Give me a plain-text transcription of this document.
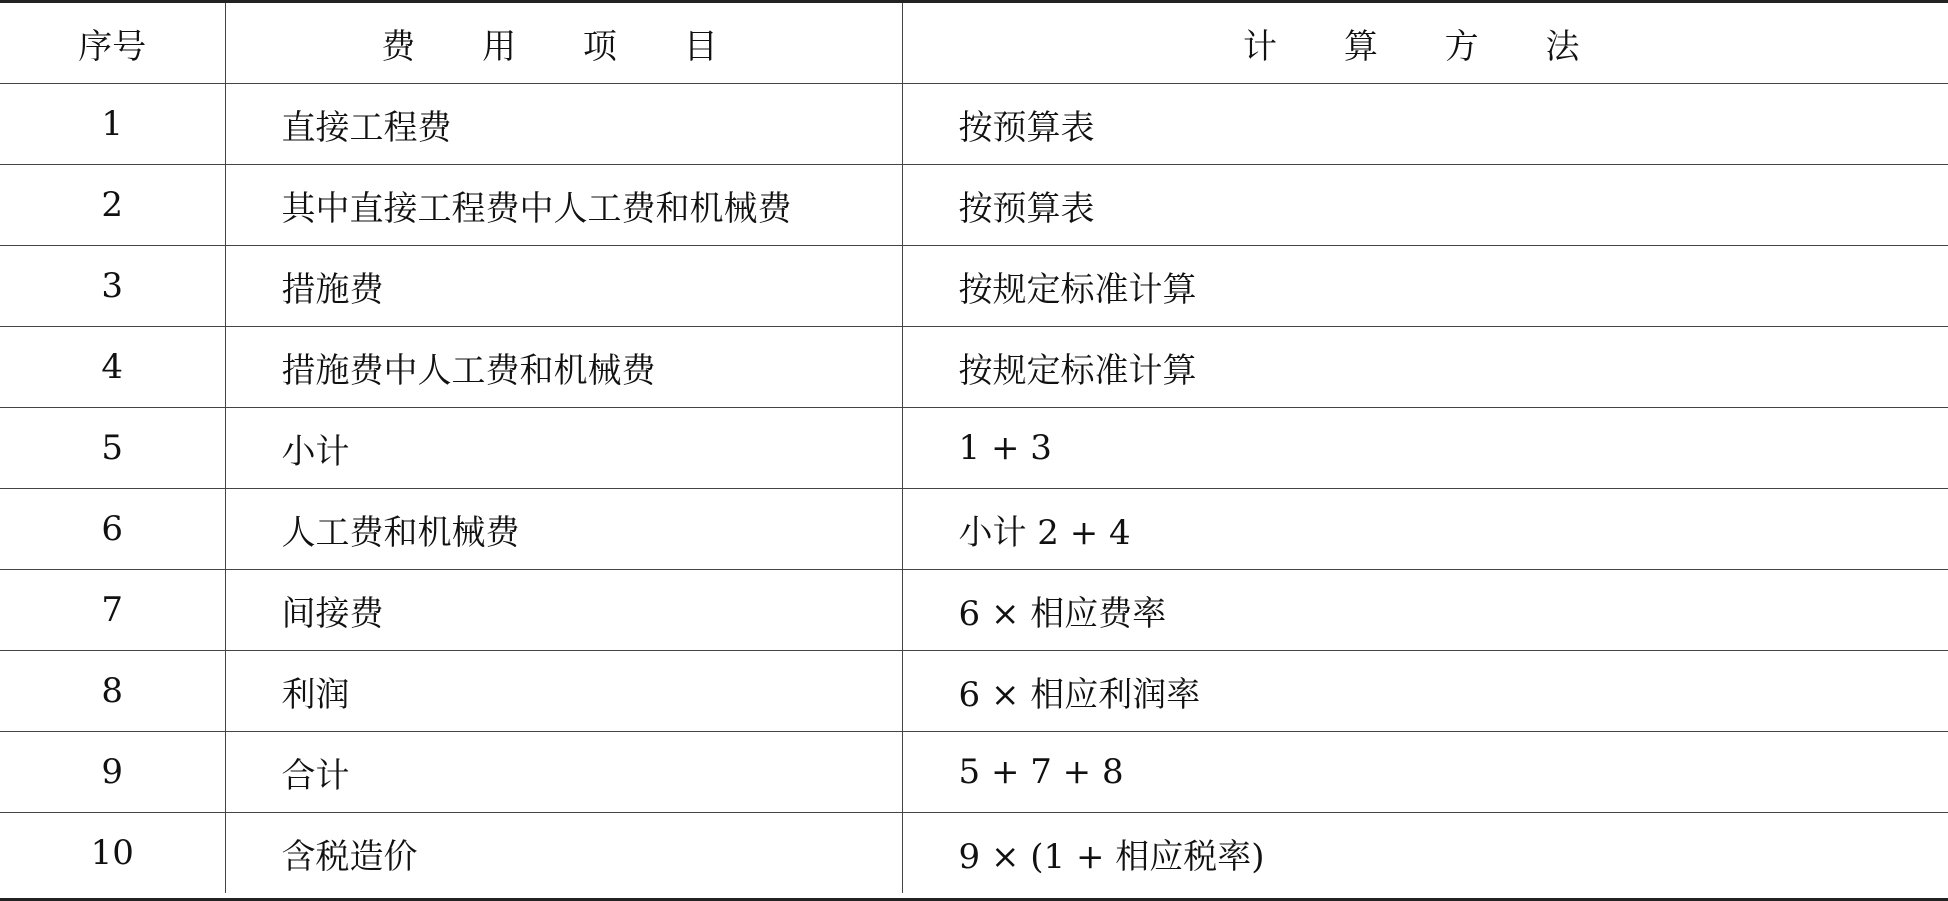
序号	费 用 项 目	计 算 方 法
1	直接工程费	按预算表
2	其中直接工程费中人工费和机械费	按预算表
3	措施费	按规定标准计算
4	措施费中人工费和机械费	按规定标准计算
5	小计	1 + 3
6	人工费和机械费	小计 2 + 4
7	间接费	6 × 相应费率
8	利润	6 × 相应利润率
9	合计	5 + 7 + 8
10	含税造价	9 × (1 + 相应税率)
